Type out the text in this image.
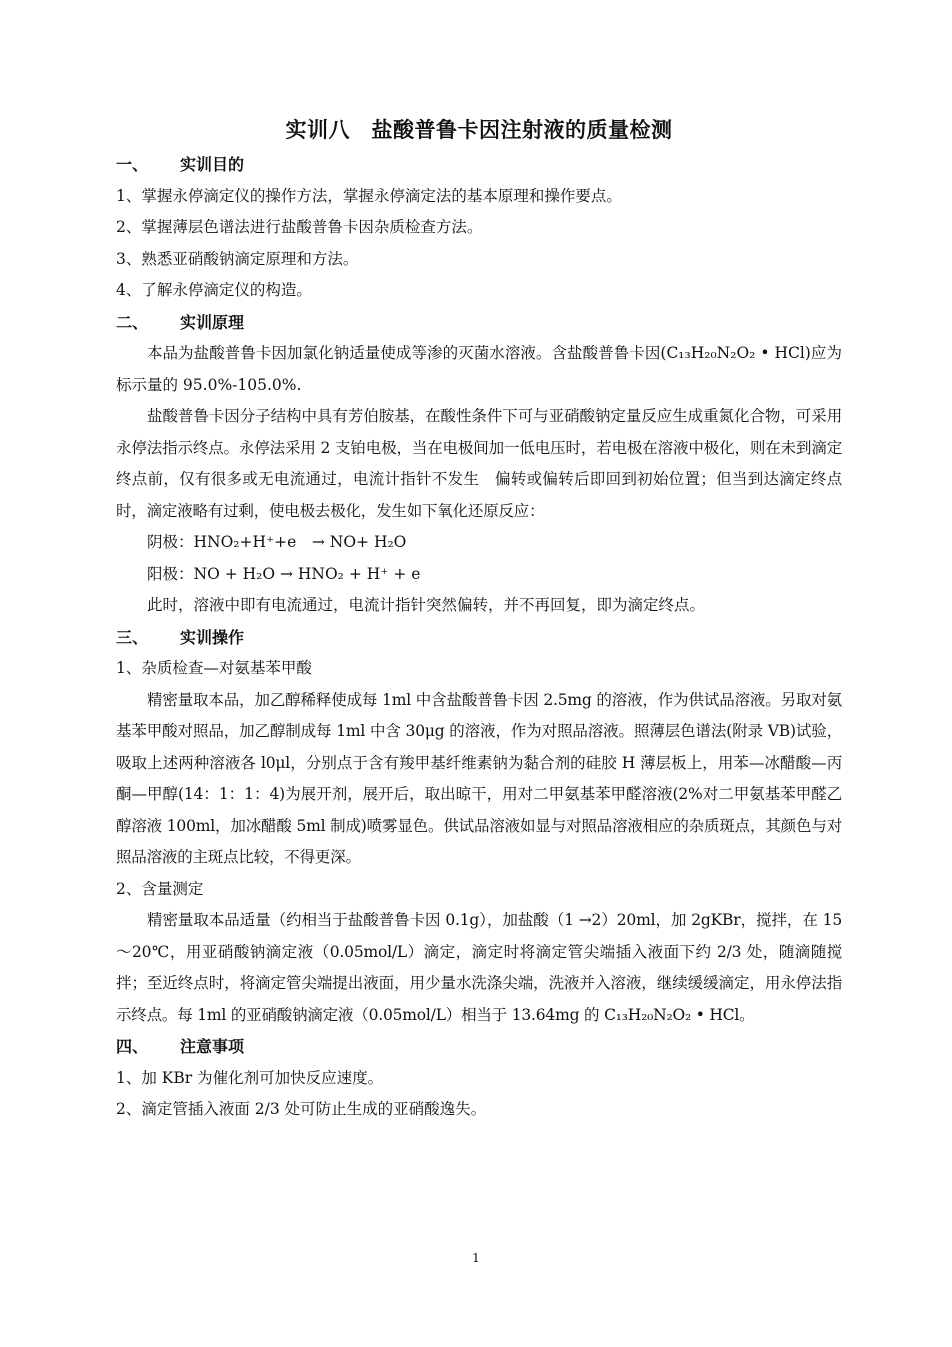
实训八　盐酸普鲁卡因注射液的质量检测
一、 实训目的
1、掌握永停滴定仪的操作方法，掌握永停滴定法的基本原理和操作要点。
2、掌握薄层色谱法进行盐酸普鲁卡因杂质检查方法。
3、熟悉亚硝酸钠滴定原理和方法。
4、了解永停滴定仪的构造。
二、 实训原理
本品为盐酸普鲁卡因加氯化钠适量使成等渗的灭菌水溶液。含盐酸普鲁卡因(C₁₃H₂₀N₂O₂ • HCl)应为标示量的 95.0%-105.0%.
盐酸普鲁卡因分子结构中具有芳伯胺基，在酸性条件下可与亚硝酸钠定量反应生成重氮化合物，可采用永停法指示终点。永停法采用 2 支铂电极，当在电极间加一低电压时，若电极在溶液中极化，则在未到滴定终点前，仅有很多或无电流通过，电流计指针不发生　偏转或偏转后即回到初始位置；但当到达滴定终点时，滴定液略有过剩，使电极去极化，发生如下氧化还原反应：
阴极：HNO₂+H⁺+e　→ NO+ H₂O
阳极：NO + H₂O → HNO₂ + H⁺ + e
此时，溶液中即有电流通过，电流计指针突然偏转，并不再回复，即为滴定终点。
三、 实训操作
1、杂质检查—对氨基苯甲酸
精密量取本品，加乙醇稀释使成每 1ml 中含盐酸普鲁卡因 2.5mg 的溶液，作为供试品溶液。另取对氨基苯甲酸对照品，加乙醇制成每 1ml 中含 30μg 的溶液，作为对照品溶液。照薄层色谱法(附录 VB)试验，吸取上述两种溶液各 l0μl，分别点于含有羧甲基纤维素钠为黏合剂的硅胶 H 薄层板上，用苯—冰醋酸—丙酮—甲醇(14：1：1：4)为展开剂，展开后，取出晾干，用对二甲氨基苯甲醛溶液(2%对二甲氨基苯甲醛乙醇溶液 100ml，加冰醋酸 5ml 制成)喷雾显色。供试品溶液如显与对照品溶液相应的杂质斑点，其颜色与对照品溶液的主斑点比较，不得更深。
2、含量测定
精密量取本品适量（约相当于盐酸普鲁卡因 0.1g），加盐酸（1 →2）20ml，加 2gKBr，搅拌，在 15～20℃，用亚硝酸钠滴定液（0.05mol/L）滴定，滴定时将滴定管尖端插入液面下约 2/3 处，随滴随搅拌；至近终点时，将滴定管尖端提出液面，用少量水洗涤尖端，洗液并入溶液，继续缓缓滴定，用永停法指示终点。每 1ml 的亚硝酸钠滴定液（0.05mol/L）相当于 13.64mg 的 C₁₃H₂₀N₂O₂ • HCl。
四、 注意事项
1、加 KBr 为催化剂可加快反应速度。
2、滴定管插入液面 2/3 处可防止生成的亚硝酸逸失。
1
